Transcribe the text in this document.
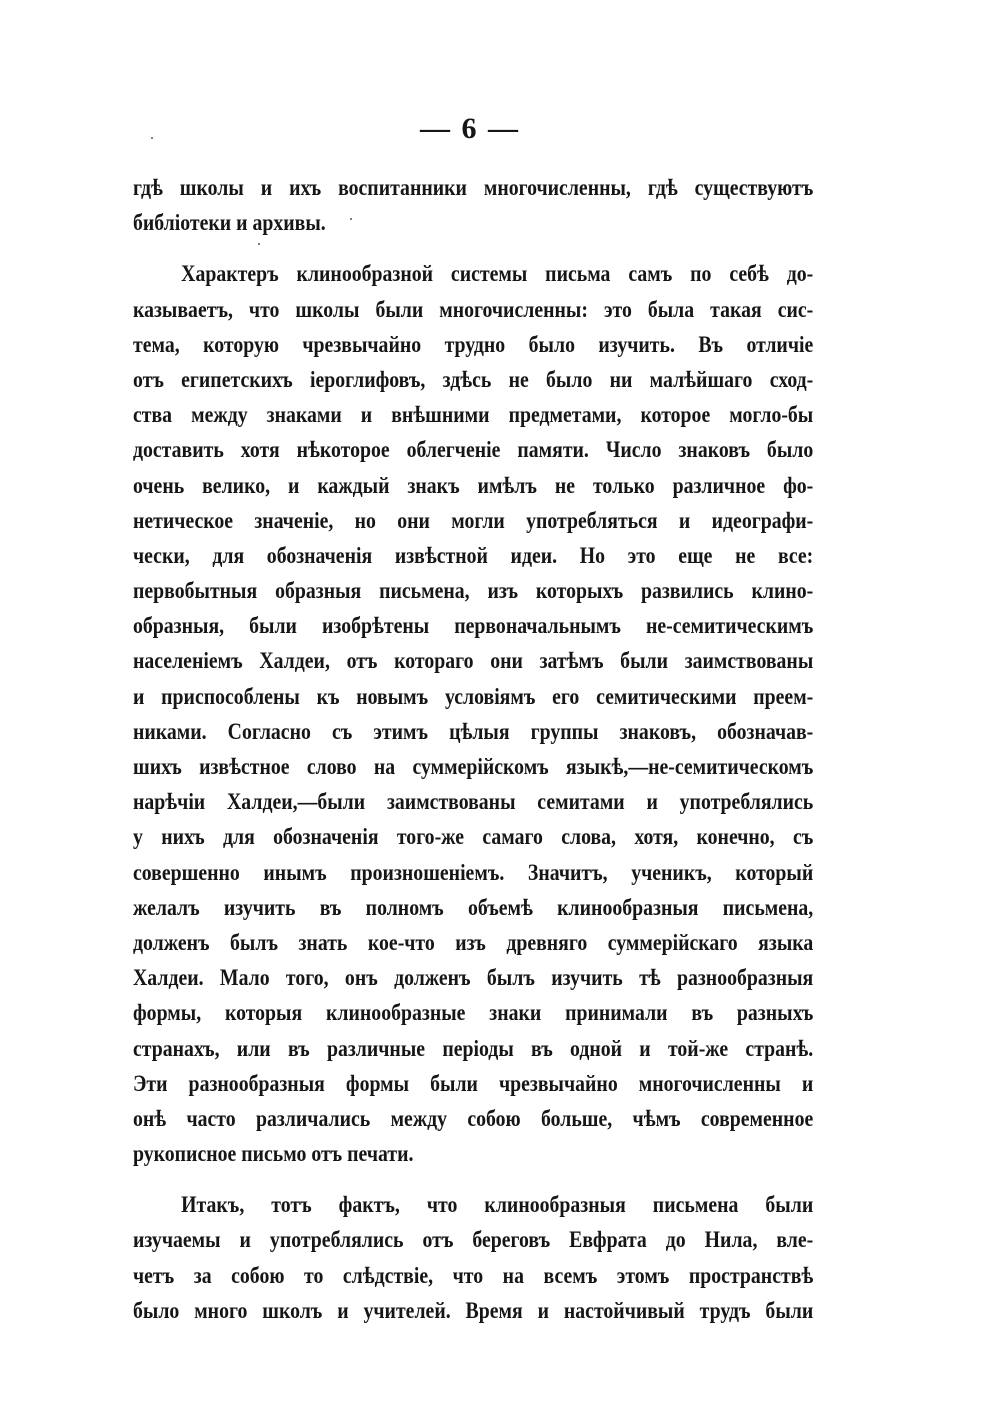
— 6 —
гдѣ школы и ихъ воспитанники многочисленны, гдѣ существуютъ
библіотеки и архивы.
Характеръ клинообразной системы письма самъ по себѣ до-
казываетъ, что школы были многочисленны: это была такая сис-
тема, которую чрезвычайно трудно было изучить. Въ отличіе
отъ египетскихъ іероглифовъ, здѣсь не было ни малѣйшаго сход-
ства между знаками и внѣшними предметами, которое могло-бы
доставить хотя нѣкоторое облегченіе памяти. Число знаковъ было
очень велико, и каждый знакъ имѣлъ не только различное фо-
нетическое значеніе, но они могли употребляться и идеографи-
чески, для обозначенія извѣстной идеи. Но это еще не все:
первобытныя образныя письмена, изъ которыхъ развились клино-
образныя, были изобрѣтены первоначальнымъ не-семитическимъ
населеніемъ Халдеи, отъ котораго они затѣмъ были заимствованы
и приспособлены къ новымъ условіямъ его семитическими преем-
никами. Согласно съ этимъ цѣлыя группы знаковъ, обозначав-
шихъ извѣстное слово на суммерійскомъ языкѣ,—не-семитическомъ
нарѣчіи Халдеи,—были заимствованы семитами и употреблялись
у нихъ для обозначенія того-же самаго слова, хотя, конечно, съ
совершенно инымъ произношеніемъ. Значитъ, ученикъ, который
желалъ изучить въ полномъ объемѣ клинообразныя письмена,
долженъ былъ знать кое-что изъ древняго суммерійскаго языка
Халдеи. Мало того, онъ долженъ былъ изучить тѣ разнообразныя
формы, которыя клинообразные знаки принимали въ разныхъ
странахъ, или въ различные періоды въ одной и той-же странѣ.
Эти разнообразныя формы были чрезвычайно многочисленны и
онѣ часто различались между собою больше, чѣмъ современное
рукописное письмо отъ печати.
Итакъ, тотъ фактъ, что клинообразныя письмена были
изучаемы и употреблялись отъ береговъ Евфрата до Нила, вле-
четъ за собою то слѣдствіе, что на всемъ этомъ пространствѣ
было много школъ и учителей. Время и настойчивый трудъ были
